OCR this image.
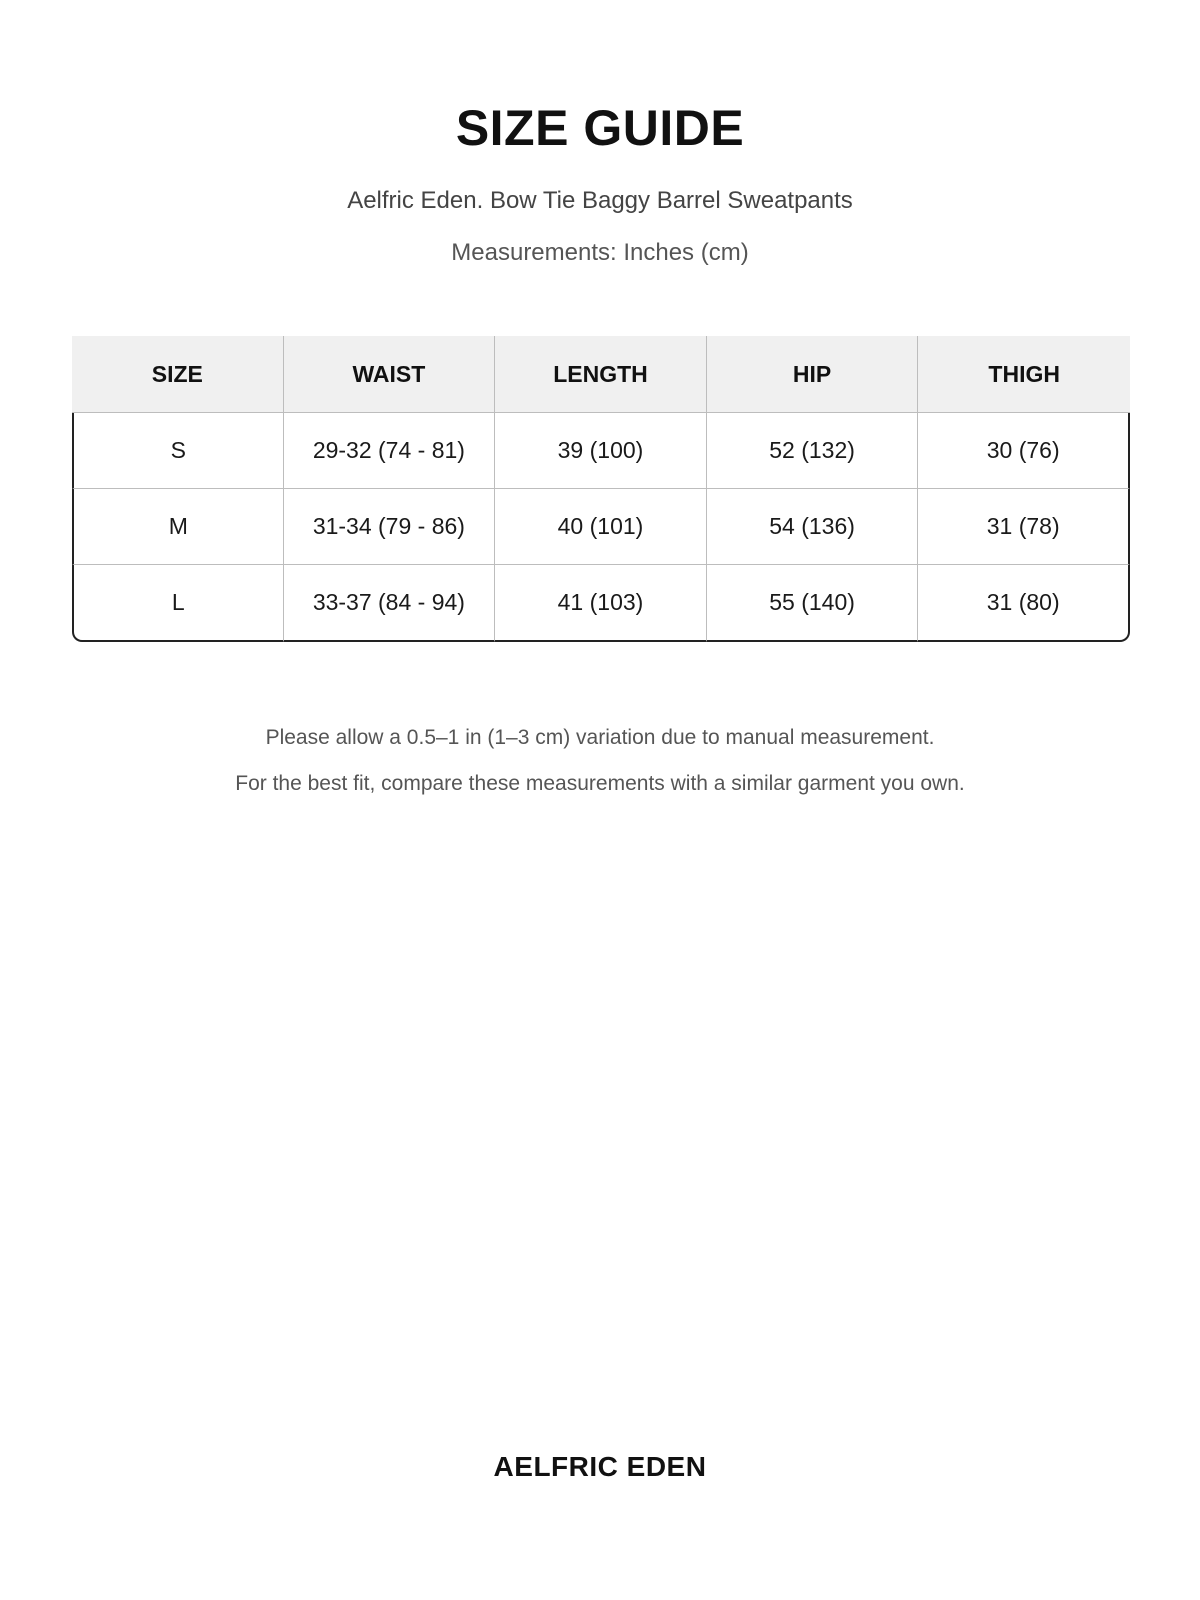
SIZE GUIDE
Aelfric Eden. Bow Tie Baggy Barrel Sweatpants
Measurements: Inches (cm)
SIZE	WAIST	LENGTH	HIP	THIGH
S	29-32 (74 - 81)	39 (100)	52 (132)	30 (76)
M	31-34 (79 - 86)	40 (101)	54 (136)	31 (78)
L	33-37 (84 - 94)	41 (103)	55 (140)	31 (80)
Please allow a 0.5–1 in (1–3 cm) variation due to manual measurement.
For the best fit, compare these measurements with a similar garment you own.
AELFRIC EDEN
